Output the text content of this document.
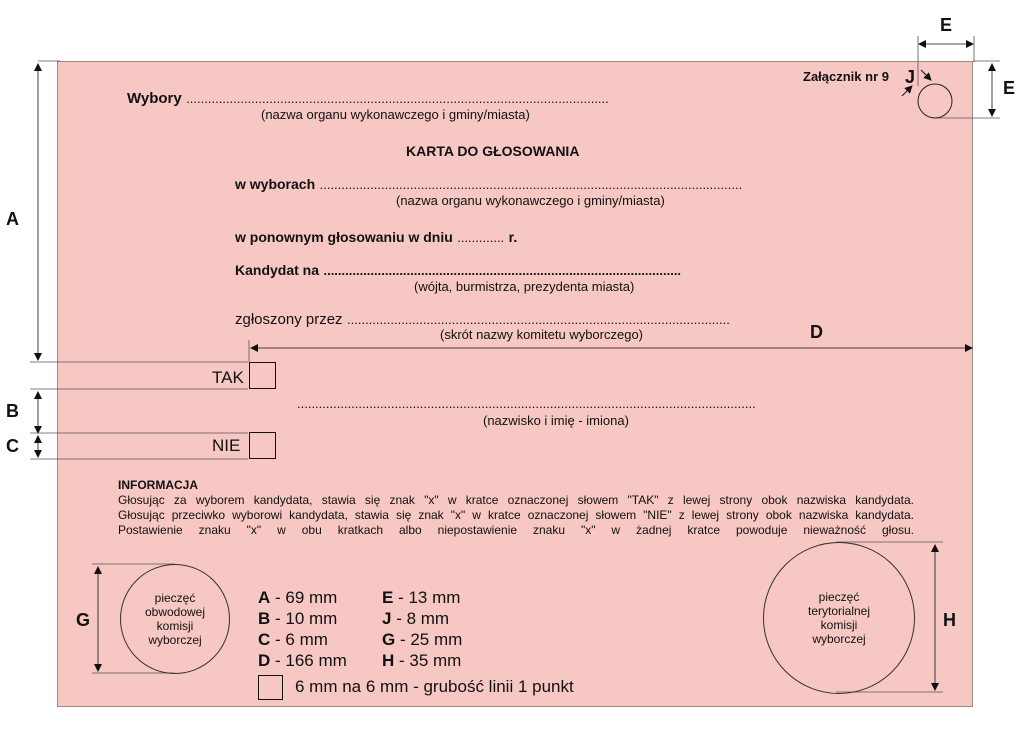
A
B
C
D
E
E
J
G	H
Załącznik nr 9
Wybory .....................................................................................................................
(nazwa organu wykonawczego i gminy/miasta)
KARTA DO GŁOSOWANIA
w wyborach .....................................................................................................................
(nazwa organu wykonawczego i gminy/miasta)
w ponownym głosowaniu w dniu ............. r.
Kandydat na ...................................................................................................
(wójta, burmistrza, prezydenta miasta)
zgłoszony przez ..........................................................................................................
(skrót nazwy komitetu wyborczego)
TAK
...............................................................................................................................
(nazwisko i imię - imiona)
NIE
INFORMACJA
Głosując za wyborem kandydata, stawia się znak "x" w kratce oznaczonej słowem "TAK" z lewej strony obok nazwiska kandydata.
Głosując przeciwko wyborowi kandydata, stawia się znak "x" w kratce oznaczonej słowem "NIE" z lewej strony obok nazwiska kandydata.
Postawienie znaku "x" w obu kratkach albo niepostawienie znaku "x" w żadnej kratce powoduje nieważność głosu.
pieczęć
obwodowej
komisji
wyborczej
pieczęć
terytorialnej
komisji
wyborczej
A - 69 mm
B - 10 mm
C - 6 mm
D - 166 mm
E - 13 mm
J - 8 mm
G - 25 mm
H - 35 mm
6 mm na 6 mm - grubość linii 1 punkt
